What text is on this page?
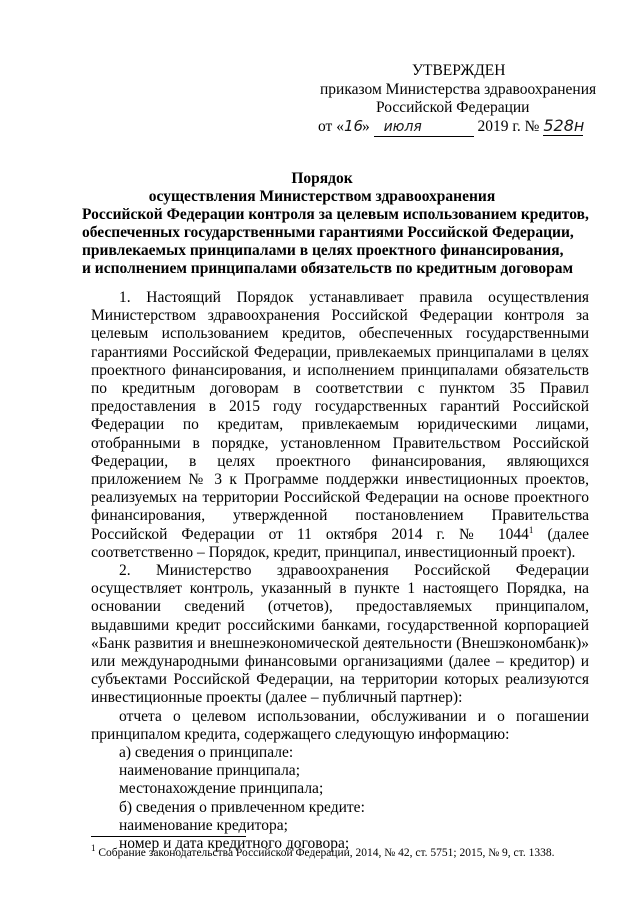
УТВЕРЖДЕН
приказом Министерства здравоохранения
Российской Федерации
от «16» июля	2019 г. № 528н
Порядок
осуществления Министерством здравоохранения
Российской Федерации контроля за целевым использованием кредитов,
обеспеченных государственными гарантиями Российской Федерации,
привлекаемых принципалами в целях проектного финансирования,
и исполнением принципалами обязательств по кредитным договорам

1. Настоящий Порядок устанавливает правила осуществления Министерством здравоохранения Российской Федерации контроля за целевым использованием кредитов, обеспеченных государственными гарантиями Российской Федерации, привлекаемых принципалами в целях проектного финансирования, и исполнением принципалами обязательств по кредитным договорам в соответствии с пунктом 35 Правил предоставления в 2015 году государственных гарантий Российской Федерации по кредитам, привлекаемым юридическими лицами, отобранными в порядке, установленном Правительством Российской Федерации, в целях проектного финансирования, являющихся приложением № 3 к Программе поддержки инвестиционных проектов, реализуемых на территории Российской Федерации на основе проектного финансирования, утвержденной постановлением Правительства Российской Федерации от 11 октября 2014 г. № 1044$^1$ (далее соответственно – Порядок, кредит, принципал, инвестиционный проект).

2. Министерство здравоохранения Российской Федерации осуществляет контроль, указанный в пункте 1 настоящего Порядка, на основании сведений (отчетов), предоставляемых принципалом, выдавшими кредит российскими банками, государственной корпорацией «Банк развития и внешнеэкономической деятельности (Внешэкономбанк)» или международными финансовыми организациями (далее – кредитор) и субъектами Российской Федерации, на территории которых реализуются инвестиционные проекты (далее – публичный партнер):

отчета о целевом использовании, обслуживании и о погашении принципалом кредита, содержащего следующую информацию:

а) сведения о принципале:

наименование принципала;

местонахождение принципала;

б) сведения о привлеченном кредите:

наименование кредитора;

номер и дата кредитного договора;

$^1$ Собрание законодательства Российской Федерации, 2014, № 42, ст. 5751; 2015, № 9, ст. 1338.
